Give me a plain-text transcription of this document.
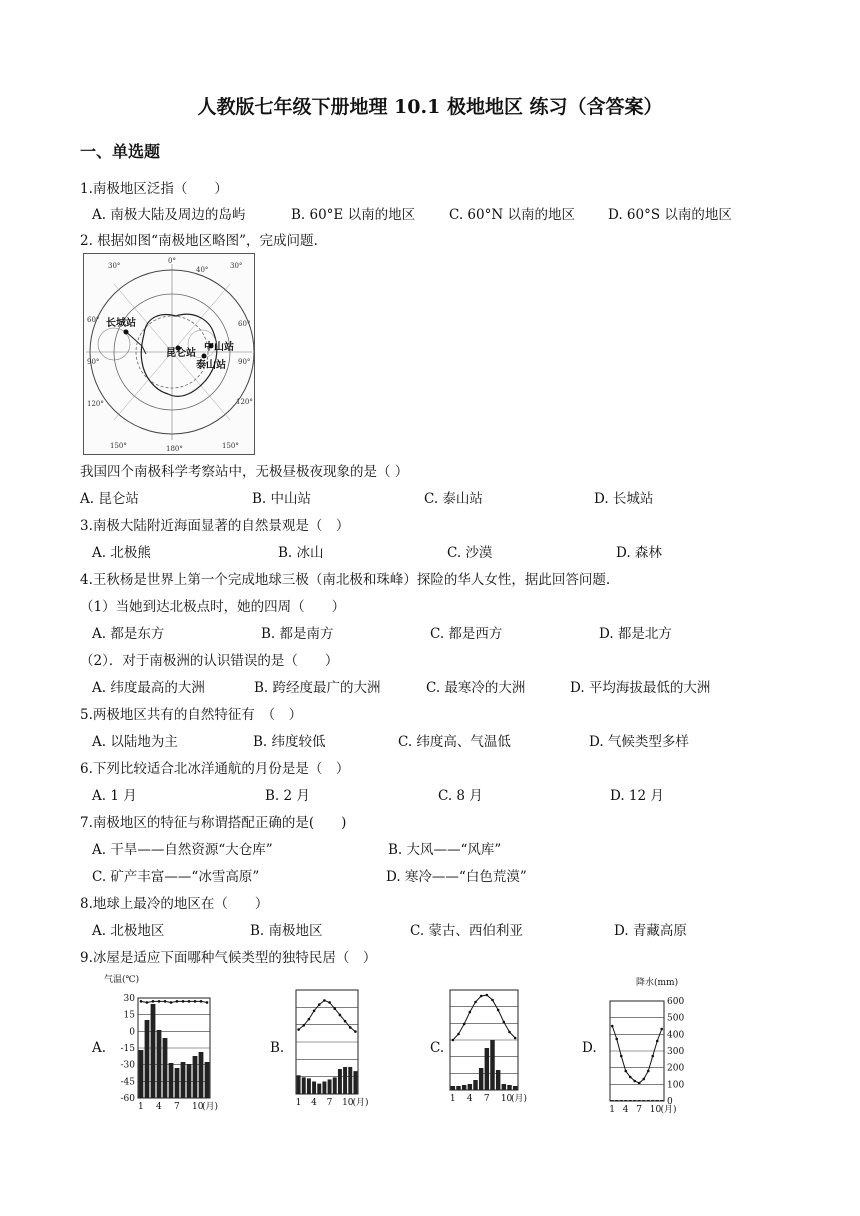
人教版七年级下册地理 10.1 极地地区 练习（含答案）
一、单选题
1.南极地区泛指（　　）
A. 南极大陆及周边的岛屿	B. 60°E 以南的地区	C. 60°N 以南的地区 D. 60°S 以南的地区
2. 根据如图“南极地区略图”，完成问题.
长城站
昆仑站
中山站
泰山站
30°
0°
40°	30°
60°	60°
90°	90°
120°	120°
150°	180°	150°
我国四个南极科学考察站中，无极昼极夜现象的是（ ）
A. 昆仑站	B. 中山站	C. 泰山站	D. 长城站
3.南极大陆附近海面显著的自然景观是（　）
A. 北极熊	B. 冰山	C. 沙漠	D. 森林
4.王秋杨是世界上第一个完成地球三极（南北极和珠峰）探险的华人女性，据此回答问题.
（1）当她到达北极点时，她的四周（　　）
A. 都是东方	B. 都是南方	C. 都是西方	D. 都是北方
（2）．对于南极洲的认识错误的是（　　）
A. 纬度最高的大洲	B. 跨经度最广的大洲	C. 最寒冷的大洲	D. 平均海拔最低的大洲
5.两极地区共有的自然特征有　（　）
A. 以陆地为主	B. 纬度较低	C. 纬度高、气温低	D. 气候类型多样
6.下列比较适合北冰洋通航的月份是是（　）
A. 1 月	B. 2 月	C. 8 月	D. 12 月
7.南极地区的特征与称谓搭配正确的是(　　)
A. 干旱——自然资源“大仓库”	B. 大风——“风库”
C. 矿产丰富——“冰雪高原”	D. 寒冷——“白色荒漠”
8.地球上最冷的地区在（　　）
A. 北极地区	B. 南极地区	C. 蒙古、西伯利亚	D. 青藏高原
9.冰屋是适应下面哪种气候类型的独特民居（　）
A.	B.	C.	D.
1 4 7 10
(月)
30
15
0
-15
-30
-45
-60
气温(℃)
1 4 7 10
(月)	1 4 7 10
(月)
1 4 7 10 (月)
600
500
400
300
200
100
0
降水(mm)
